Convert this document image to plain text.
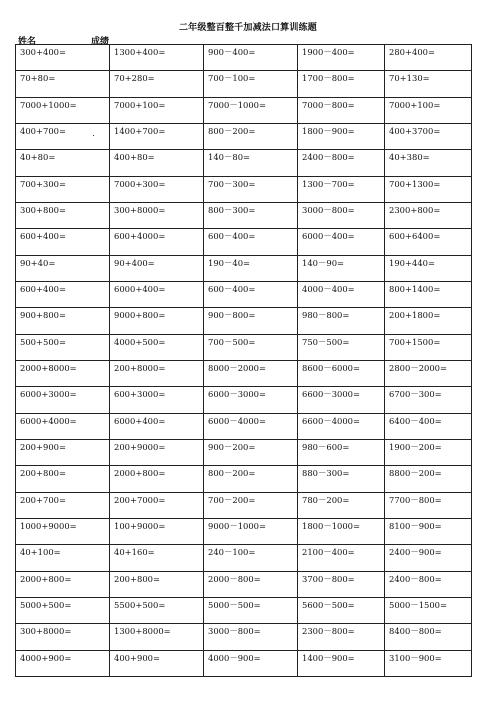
二年级整百整千加减法口算训练题
姓名	成绩
300+400=	1300+400=	900－400=	1900－400=	280+400=
70+80=	70+280=	700－100=	1700－800=	70+130=
7000+1000=	7000+100=	7000－1000=	7000－800=	7000+100=
400+700=	1400+700=	800－200=	1800－900=	400+3700=
40+80=	400+80=	140－80=	2400－800=	40+380=
700+300=	7000+300=	700－300=	1300－700=	700+1300=
300+800=	300+8000=	800－300=	3000－800=	2300+800=
600+400=	600+4000=	600－400=	6000－400=	600+6400=
90+40=	90+400=	190－40=	140－90=	190+440=
600+400=	6000+400=	600－400=	4000－400=	800+1400=
900+800=	9000+800=	900－800=	980－800=	200+1800=
500+500=	4000+500=	700－500=	750－500=	700+1500=
2000+8000=	200+8000=	8000－2000=	8600－6000=	2800－2000=
6000+3000=	600+3000=	6000－3000=	6600－3000=	6700－300=
6000+4000=	6000+400=	6000－4000=	6600－4000=	6400－400=
200+900=	200+9000=	900－200=	980－600=	1900－200=
200+800=	2000+800=	800－200=	880－300=	8800－200=
200+700=	200+7000=	700－200=	780－200=	7700－800=
1000+9000=	100+9000=	9000－1000=	1800－1000=	8100－900=
40+100=	40+160=	240－100=	2100－400=	2400－900=
2000+800=	200+800=	2000－800=	3700－800=	2400－800=
5000+500=	5500+500=	5000－500=	5600－500=	5000－1500=
300+8000=	1300+8000=	3000－800=	2300－800=	8400－800=
4000+900=	400+900=	4000－900=	1400－900=	3100－900=
